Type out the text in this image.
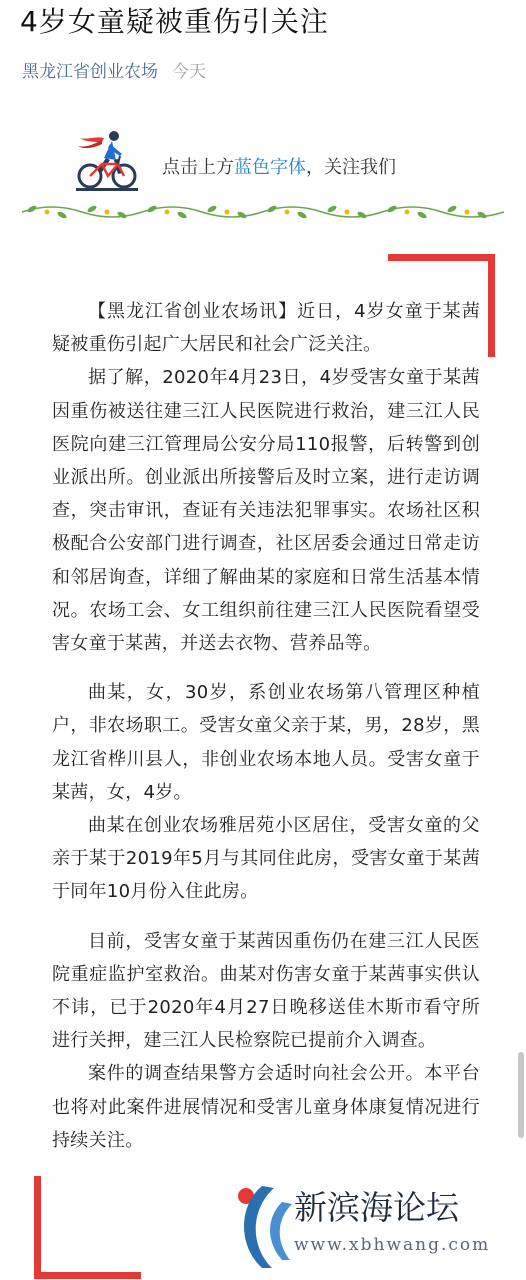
4岁女童疑被重伤引关注
黑龙江省创业农场 今天
点击上方蓝色字体，关注我们

【黑龙江省创业农场讯】近日，4岁女童于某茜疑被重伤引起广大居民和社会广泛关注。

据了解，2020年4月23日，4岁受害女童于某茜因重伤被送往建三江人民医院进行救治，建三江人民医院向建三江管理局公安分局110报警，后转警到创业派出所。创业派出所接警后及时立案，进行走访调查，突击审讯，查证有关违法犯罪事实。农场社区积极配合公安部门进行调查，社区居委会通过日常走访和邻居询查，详细了解曲某的家庭和日常生活基本情况。农场工会、女工组织前往建三江人民医院看望受害女童于某茜，并送去衣物、营养品等。

曲某，女，30岁，系创业农场第八管理区种植户，非农场职工。受害女童父亲于某，男，28岁，黑龙江省桦川县人，非创业农场本地人员。受害女童于某茜，女，4岁。

曲某在创业农场雅居苑小区居住，受害女童的父亲于某于2019年5月与其同住此房，受害女童于某茜于同年10月份入住此房。

目前，受害女童于某茜因重伤仍在建三江人民医院重症监护室救治。曲某对伤害女童于某茜事实供认不讳，已于2020年4月27日晚移送佳木斯市看守所进行关押，建三江人民检察院已提前介入调查。

案件的调查结果警方会适时向社会公开。本平台也将对此案件进展情况和受害儿童身体康复情况进行持续关注。

新滨海论坛
www.xbhwang.com
